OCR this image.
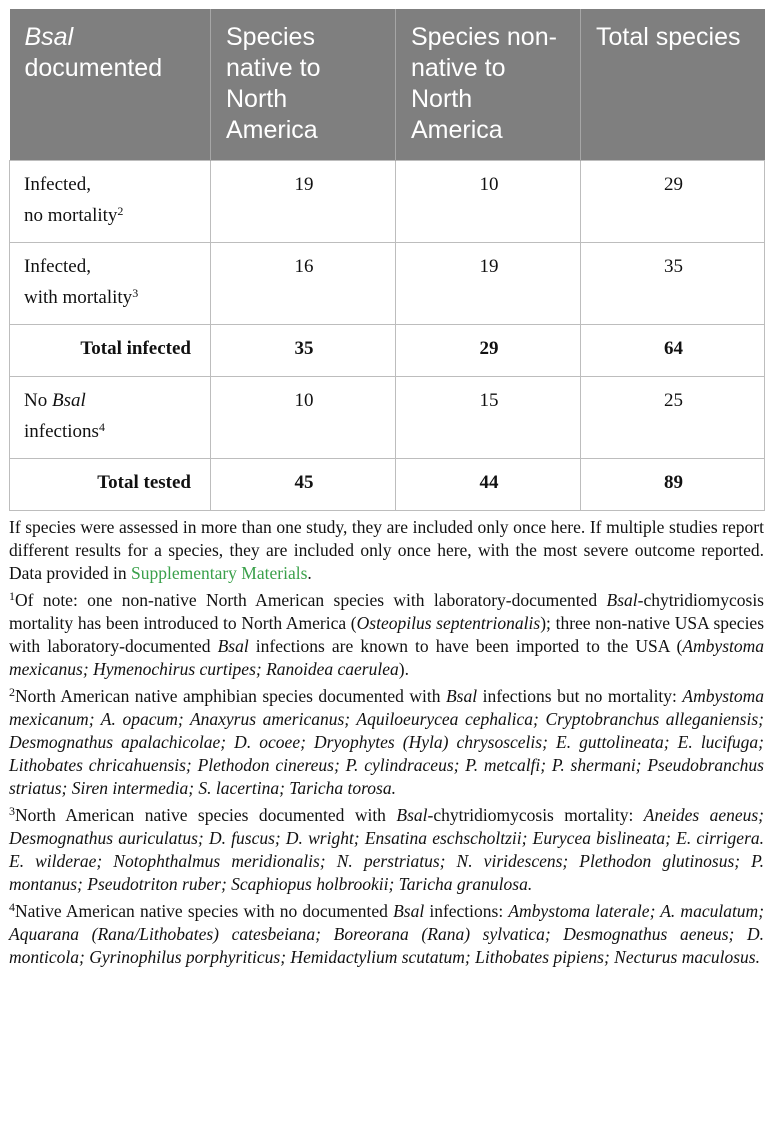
Bsal
documented	Species native to North America	Species non-native to North America	Total species
Infected,
no mortality$^2$	19	10	29
Infected,
with mortality$^3$	16	19	35
Total infected	35	29	64
No Bsal
infections$^4$	10	15	25
Total tested	45	44	89

If species were assessed in more than one study, they are included only once here. If multiple studies report different results for a species, they are included only once here, with the most severe outcome reported. Data provided in Supplementary Materials.

$^1$Of note: one non-native North American species with laboratory-documented Bsal-chytridiomycosis mortality has been introduced to North America (Osteopilus septentrionalis); three non-native USA species with laboratory-documented Bsal infections are known to have been imported to the USA (Ambystoma mexicanus; Hymenochirus curtipes; Ranoidea caerulea).

$^2$North American native amphibian species documented with Bsal infections but no mortality: Ambystoma mexicanum; A. opacum; Anaxyrus americanus; Aquiloeurycea cephalica; Cryptobranchus alleganiensis; Desmognathus apalachicolae; D. ocoee; Dryophytes (Hyla) chrysoscelis; E. guttolineata; E. lucifuga; Lithobates chricahuensis; Plethodon cinereus; P. cylindraceus; P. metcalfi; P. shermani; Pseudobranchus striatus; Siren intermedia; S. lacertina; Taricha torosa.

$^3$North American native species documented with Bsal-chytridiomycosis mortality: Aneides aeneus; Desmognathus auriculatus; D. fuscus; D. wright; Ensatina eschscholtzii; Eurycea bislineata; E. cirrigera. E. wilderae; Notophthalmus meridionalis; N. perstriatus; N. viridescens; Plethodon glutinosus; P. montanus; Pseudotriton ruber; Scaphiopus holbrookii; Taricha granulosa.

$^4$Native American native species with no documented Bsal infections: Ambystoma laterale; A. maculatum; Aquarana (Rana/Lithobates) catesbeiana; Boreorana (Rana) sylvatica; Desmognathus aeneus; D. monticola; Gyrinophilus porphyriticus; Hemidactylium scutatum; Lithobates pipiens; Necturus maculosus.
